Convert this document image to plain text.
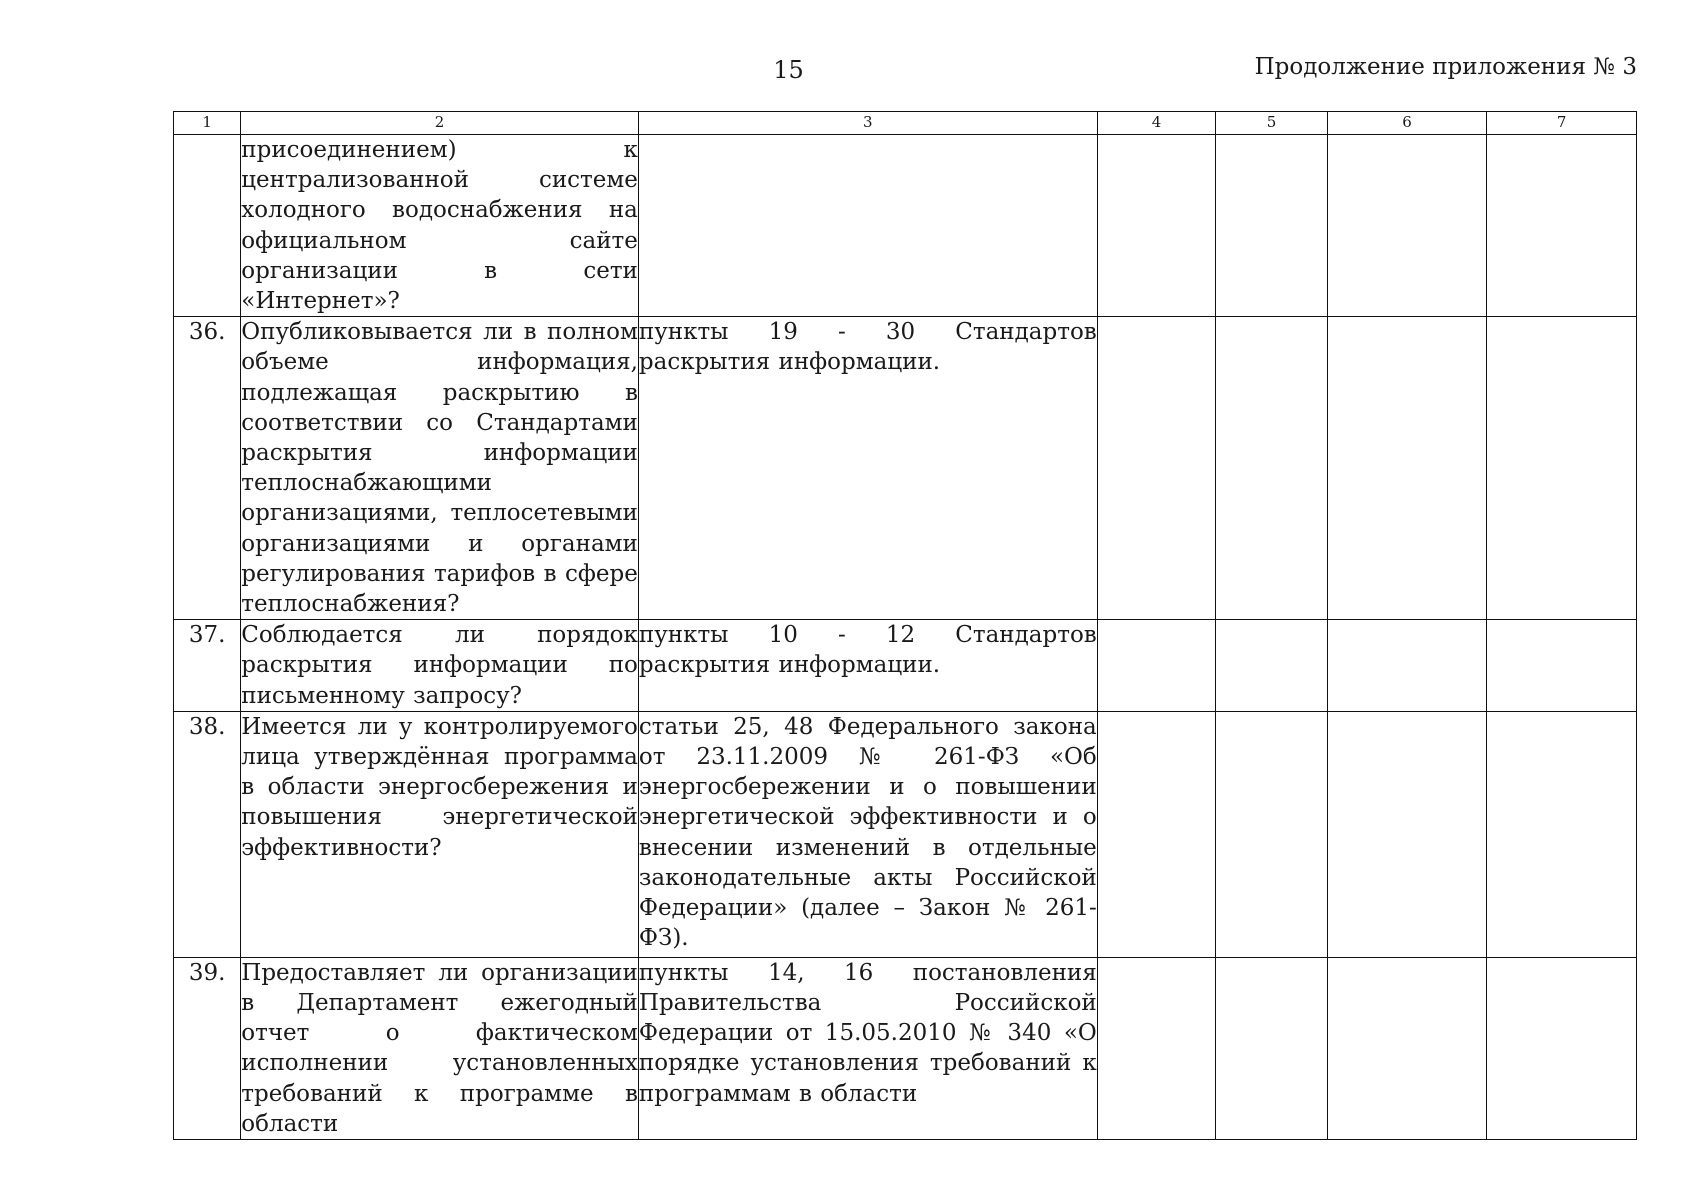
15	Продолжение приложения № 3
1	2	3	4	5	6	7
	присоединением) к централизованной системе холодного водоснабжения на официальном сайте организации в сети «Интернет»?					
36.	Опубликовывается ли в полном объеме информация, подлежащая раскрытию в соответствии со Стандартами раскрытия информации теплоснабжающими организациями, теплосетевыми организациями и органами регулирования тарифов в сфере теплоснабжения?	пункты 19 - 30 Стандартов раскрытия информации.				
37.	Соблюдается ли порядок раскрытия информации по письменному запросу?	пункты 10 - 12 Стандартов раскрытия информации.				
38.	Имеется ли у контролируемого лица утверждённая программа в области энергосбережения и повышения энергетической эффективности?	статьи 25, 48 Федерального закона от 23.11.2009 № 261-ФЗ «Об энергосбережении и о повышении энергетической эффективности и о внесении изменений в отдельные законодательные акты Российской Федерации» (далее – Закон № 261-ФЗ).				
39.	Предоставляет ли организации в Департамент ежегодный отчет о фактическом исполнении установленных требований к программе в области	пункты 14, 16 постановления Правительства Российской Федерации от 15.05.2010 № 340 «О порядке установления требований к программам в области				
